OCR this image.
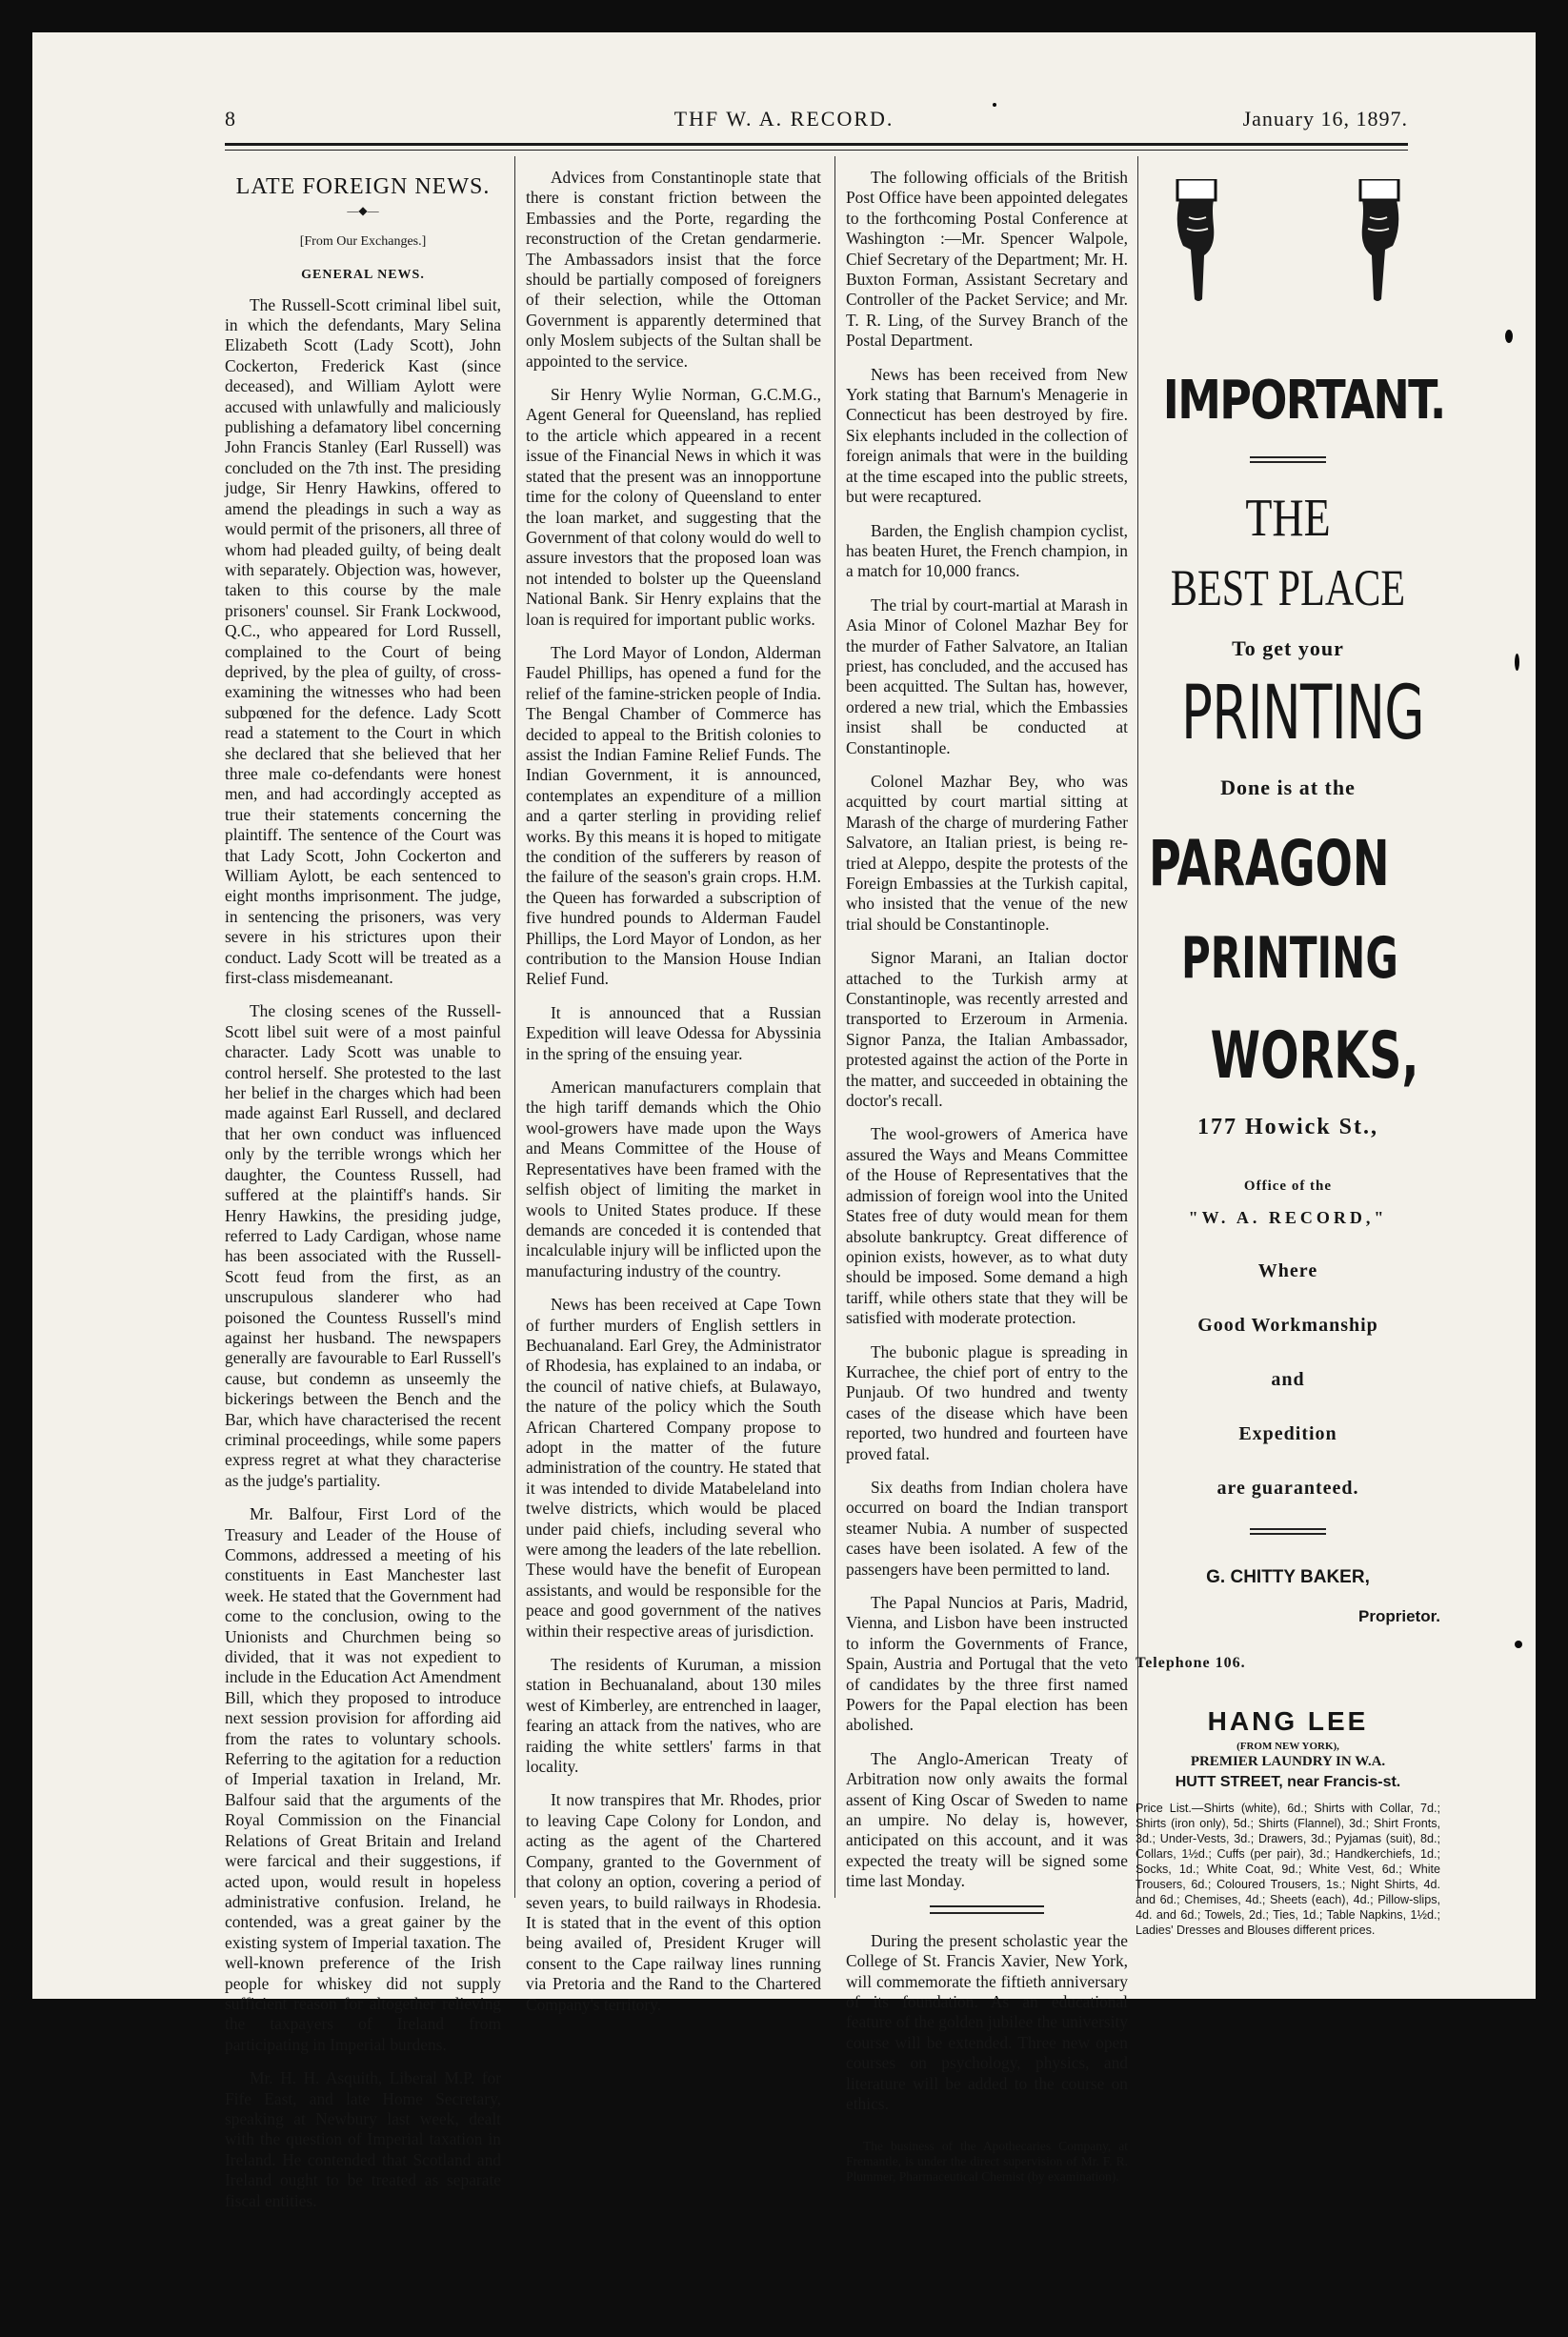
8	THF W. A. RECORD.	January 16, 1897.
LATE FOREIGN NEWS.
—◆—
[From Our Exchanges.]
GENERAL NEWS.

The Russell-Scott criminal libel suit, in which the defendants, Mary Selina Elizabeth Scott (Lady Scott), John Cockerton, Frederick Kast (since deceased), and William Aylott were accused with unlawfully and maliciously publishing a defamatory libel concerning John Francis Stanley (Earl Russell) was concluded on the 7th inst. The presiding judge, Sir Henry Hawkins, offered to amend the pleadings in such a way as would permit of the prisoners, all three of whom had pleaded guilty, of being dealt with separately. Objection was, however, taken to this course by the male prisoners' counsel. Sir Frank Lockwood, Q.C., who appeared for Lord Russell, complained to the Court of being deprived, by the plea of guilty, of cross-examining the witnesses who had been subpœned for the defence. Lady Scott read a statement to the Court in which she declared that she believed that her three male co-defendants were honest men, and had accordingly accepted as true their statements concerning the plaintiff. The sentence of the Court was that Lady Scott, John Cockerton and William Aylott, be each sentenced to eight months imprisonment. The judge, in sentencing the prisoners, was very severe in his strictures upon their conduct. Lady Scott will be treated as a first-class misdemeanant.

The closing scenes of the Russell-Scott libel suit were of a most painful character. Lady Scott was unable to control herself. She protested to the last her belief in the charges which had been made against Earl Russell, and declared that her own conduct was influenced only by the terrible wrongs which her daughter, the Countess Russell, had suffered at the plaintiff's hands. Sir Henry Hawkins, the presiding judge, referred to Lady Cardigan, whose name has been associated with the Russell-Scott feud from the first, as an unscrupulous slanderer who had poisoned the Countess Russell's mind against her husband. The newspapers generally are favourable to Earl Russell's cause, but condemn as unseemly the bickerings between the Bench and the Bar, which have characterised the recent criminal proceedings, while some papers express regret at what they characterise as the judge's partiality.

Mr. Balfour, First Lord of the Treasury and Leader of the House of Commons, addressed a meeting of his constituents in East Manchester last week. He stated that the Government had come to the conclusion, owing to the Unionists and Churchmen being so divided, that it was not expedient to include in the Education Act Amendment Bill, which they proposed to introduce next session provision for affording aid from the rates to voluntary schools. Referring to the agitation for a reduction of Imperial taxation in Ireland, Mr. Balfour said that the arguments of the Royal Commission on the Financial Relations of Great Britain and Ireland were farcical and their suggestions, if acted upon, would result in hopeless administrative confusion. Ireland, he contended, was a great gainer by the existing system of Imperial taxation. The well-known preference of the Irish people for whiskey did not supply sufficient reason for altogether relieving the taxpayers of Ireland from participating in Imperial burdens.

Mr. H. H. Asquith, Liberal M.P. for Fife East, and late Home Secretary, speaking at Newbury last week, dealt with the question of Imperial taxation in Ireland. He contended that Scotland and Ireland ought to be treated as separate fiscal entities.

Advices from Constantinople state that there is constant friction between the Embassies and the Porte, regarding the reconstruction of the Cretan gendarmerie. The Ambassadors insist that the force should be partially composed of foreigners of their selection, while the Ottoman Government is apparently determined that only Moslem subjects of the Sultan shall be appointed to the service.

Sir Henry Wylie Norman, G.C.M.G., Agent General for Queensland, has replied to the article which appeared in a recent issue of the Financial News in which it was stated that the present was an innopportune time for the colony of Queensland to enter the loan market, and suggesting that the Government of that colony would do well to assure investors that the proposed loan was not intended to bolster up the Queensland National Bank. Sir Henry explains that the loan is required for important public works.

The Lord Mayor of London, Alderman Faudel Phillips, has opened a fund for the relief of the famine-stricken people of India. The Bengal Chamber of Commerce has decided to appeal to the British colonies to assist the Indian Famine Relief Funds. The Indian Government, it is announced, contemplates an expenditure of a million and a qarter sterling in providing relief works. By this means it is hoped to mitigate the condition of the sufferers by reason of the failure of the season's grain crops. H.M. the Queen has forwarded a subscription of five hundred pounds to Alderman Faudel Phillips, the Lord Mayor of London, as her contribution to the Mansion House Indian Relief Fund.

It is announced that a Russian Expedition will leave Odessa for Abyssinia in the spring of the ensuing year.

American manufacturers complain that the high tariff demands which the Ohio wool-growers have made upon the Ways and Means Committee of the House of Representatives have been framed with the selfish object of limiting the market in wools to United States produce. If these demands are conceded it is contended that incalculable injury will be inflicted upon the manufacturing industry of the country.

News has been received at Cape Town of further murders of English settlers in Bechuanaland. Earl Grey, the Administrator of Rhodesia, has explained to an indaba, or the council of native chiefs, at Bulawayo, the nature of the policy which the South African Chartered Company propose to adopt in the matter of the future administration of the country. He stated that it was intended to divide Matabeleland into twelve districts, which would be placed under paid chiefs, including several who were among the leaders of the late rebellion. These would have the benefit of European assistants, and would be responsible for the peace and good government of the natives within their respective areas of jurisdiction.

The residents of Kuruman, a mission station in Bechuanaland, about 130 miles west of Kimberley, are entrenched in laager, fearing an attack from the natives, who are raiding the white settlers' farms in that locality.

It now transpires that Mr. Rhodes, prior to leaving Cape Colony for London, and acting as the agent of the Chartered Company, granted to the Government of that colony an option, covering a period of seven years, to build railways in Rhodesia. It is stated that in the event of this option being availed of, President Kruger will consent to the Cape railway lines running via Pretoria and the Rand to the Chartered Company's territory.

The following officials of the British Post Office have been appointed delegates to the forthcoming Postal Conference at Washington :—Mr. Spencer Walpole, Chief Secretary of the Department; Mr. H. Buxton Forman, Assistant Secretary and Controller of the Packet Service; and Mr. T. R. Ling, of the Survey Branch of the Postal Department.

News has been received from New York stating that Barnum's Menagerie in Connecticut has been destroyed by fire. Six elephants included in the collection of foreign animals that were in the building at the time escaped into the public streets, but were recaptured.

Barden, the English champion cyclist, has beaten Huret, the French champion, in a match for 10,000 francs.

The trial by court-martial at Marash in Asia Minor of Colonel Mazhar Bey for the murder of Father Salvatore, an Italian priest, has concluded, and the accused has been acquitted. The Sultan has, however, ordered a new trial, which the Embassies insist shall be conducted at Constantinople.

Colonel Mazhar Bey, who was acquitted by court martial sitting at Marash of the charge of murdering Father Salvatore, an Italian priest, is being re-tried at Aleppo, despite the protests of the Foreign Embassies at the Turkish capital, who insisted that the venue of the new trial should be Constantinople.

Signor Marani, an Italian doctor attached to the Turkish army at Constantinople, was recently arrested and transported to Erzeroum in Armenia. Signor Panza, the Italian Ambassador, protested against the action of the Porte in the matter, and succeeded in obtaining the doctor's recall.

The wool-growers of America have assured the Ways and Means Committee of the House of Representatives that the admission of foreign wool into the United States free of duty would mean for them absolute bankruptcy. Great difference of opinion exists, however, as to what duty should be imposed. Some demand a high tariff, while others state that they will be satisfied with moderate protection.

The bubonic plague is spreading in Kurrachee, the chief port of entry to the Punjaub. Of two hundred and twenty cases of the disease which have been reported, two hundred and fourteen have proved fatal.

Six deaths from Indian cholera have occurred on board the Indian transport steamer Nubia. A number of suspected cases have been isolated. A few of the passengers have been permitted to land.

The Papal Nuncios at Paris, Madrid, Vienna, and Lisbon have been instructed to inform the Governments of France, Spain, Austria and Portugal that the veto of candidates by the three first named Powers for the Papal election has been abolished.

The Anglo-American Treaty of Arbitration now only awaits the formal assent of King Oscar of Sweden to name an umpire. No delay is, however, anticipated on this account, and it was expected the treaty will be signed some time last Monday.

During the present scholastic year the College of St. Francis Xavier, New York, will commemorate the fiftieth anniversary of its foundation. As an educational feature of the golden jubilee the university course will be extended. Three new open courses on psychology, physics, and literature will be added to the course on ethics.

The business of the Apothecaries Company, at Fremantle, is under the direct supervision of Mr. F. R. Plummer, Pharmaceutical Chemist (by examination).

IMPORTANT.
THE
BEST PLACE
To get your
PRINTING
Done is at the
PARAGON
PRINTING
WORKS,
177 Howick St.,
Office of the
"W. A. RECORD,"
Where
Good Workmanship
and
Expedition
are guaranteed.
G. CHITTY BAKER,
Proprietor.
Telephone 106.
HANG LEE
(FROM NEW YORK),
PREMIER LAUNDRY IN W.A.
HUTT STREET, near Francis-st.
Price List.—Shirts (white), 6d.; Shirts with Collar, 7d.; Shirts (iron only), 5d.; Shirts (Flannel), 3d.; Shirt Fronts, 3d.; Under-Vests, 3d.; Drawers, 3d.; Pyjamas (suit), 8d.; Collars, 1½d.; Cuffs (per pair), 3d.; Handkerchiefs, 1d.; Socks, 1d.; White Coat, 9d.; White Vest, 6d.; White Trousers, 6d.; Coloured Trousers, 1s.; Night Shirts, 4d. and 6d.; Chemises, 4d.; Sheets (each), 4d.; Pillow-slips, 4d. and 6d.; Towels, 2d.; Ties, 1d.; Table Napkins, 1½d.; Ladies' Dresses and Blouses different prices.
